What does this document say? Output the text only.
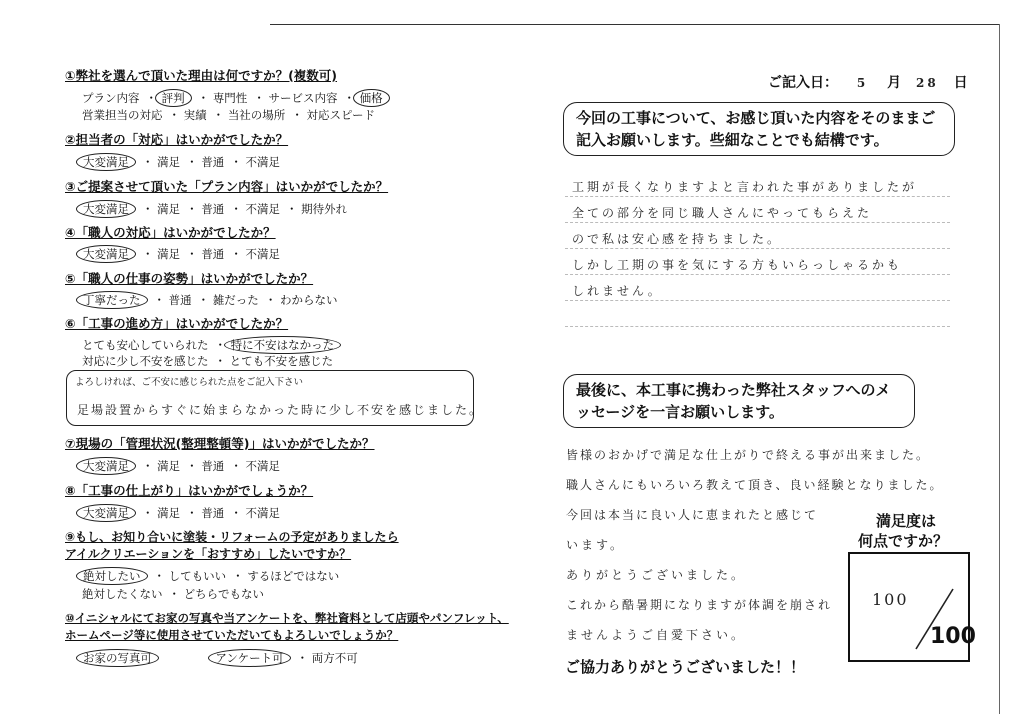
ご記入日： 5 月 28 日
①弊社を選んで頂いた理由は何ですか？(複数可)
プラン内容 ・ 評判 ・ 専門性 ・ サービス内容 ・ 価格
営業担当の対応 ・ 実績 ・ 当社の場所 ・ 対応スピード
②担当者の「対応」はいかがでしたか？
大変満足 ・ 満足 ・ 普通 ・ 不満足
③ご提案させて頂いた「プラン内容」はいかがでしたか？
大変満足 ・ 満足 ・ 普通 ・ 不満足 ・ 期待外れ
④「職人の対応」はいかがでしたか？
大変満足 ・ 満足 ・ 普通 ・ 不満足
⑤「職人の仕事の姿勢」はいかがでしたか？
丁寧だった ・ 普通 ・ 雑だった ・ わからない
⑥「工事の進め方」はいかがでしたか？
とても安心していられた ・ 特に不安はなかった
対応に少し不安を感じた ・ とても不安を感じた
よろしければ、ご不安に感じられた点をご記入下さい
足場設置からすぐに始まらなかった時に少し不安を感じました。
⑦現場の「管理状況(整理整頓等)」はいかがでしたか？
大変満足 ・ 満足 ・ 普通 ・ 不満足
⑧「工事の仕上がり」はいかがでしょうか？
大変満足 ・ 満足 ・ 普通 ・ 不満足
⑨もし、お知り合いに塗装・リフォームの予定がありましたら
アイルクリエーションを「おすすめ」したいですか？
絶対したい ・ してもいい ・ するほどではない
絶対したくない ・ どちらでもない
⑩イニシャルにてお家の写真や当アンケートを、弊社資料として店頭やパンフレット、
ホームページ等に使用させていただいてもよろしいでしょうか？
お家の写真可	アンケート可 ・ 両方不可
今回の工事について、お感じ頂いた内容をそのままご記入お願いします。些細なことでも結構です。
工期が長くなりますよと言われた事がありましたが
全ての部分を同じ職人さんにやってもらえた
ので私は安心感を持ちました。
しかし工期の事を気にする方もいらっしゃるかも
しれません。
最後に、本工事に携わった弊社スタッフへのメッセージを一言お願いします。
皆様のおかげで満足な仕上がりで終える事が出来ました。
職人さんにもいろいろ教えて頂き、良い経験となりました。
今回は本当に良い人に恵まれたと感じて
います。
ありがとうございました。
これから酷暑期になりますが体調を崩され
ませんようご自愛下さい。
ご協力ありがとうございました！！
満足度は
何点ですか？
100
100
